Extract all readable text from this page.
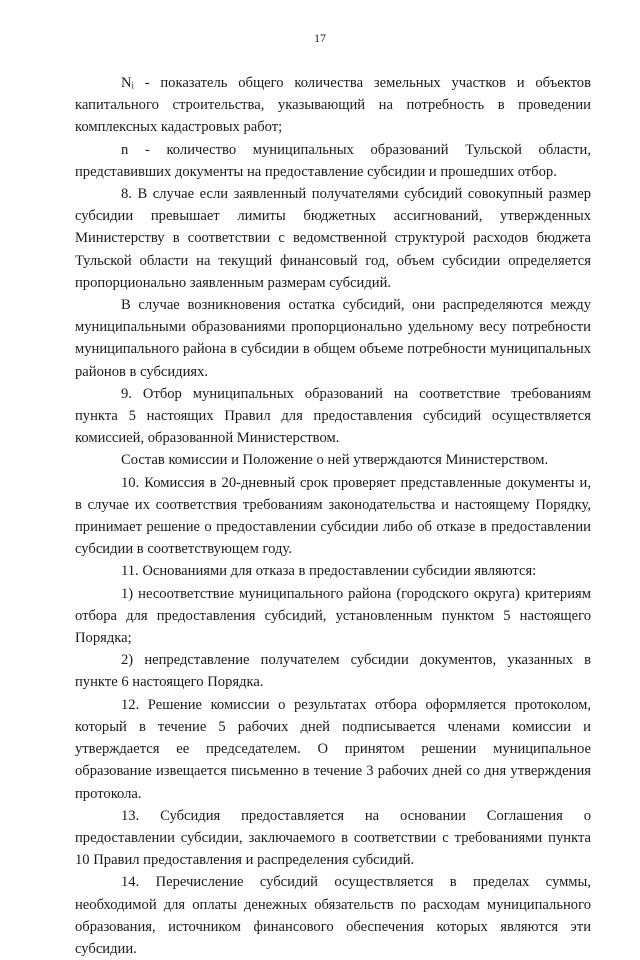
17

Nᵢ - показатель общего количества земельных участков и объектов капитального строительства, указывающий на потребность в проведении комплексных кадастровых работ;

n - количество муниципальных образований Тульской области, представивших документы на предоставление субсидии и прошедших отбор.

8. В случае если заявленный получателями субсидий совокупный размер субсидии превышает лимиты бюджетных ассигнований, утвержденных Министерству в соответствии с ведомственной структурой расходов бюджета Тульской области на текущий финансовый год, объем субсидии определяется пропорционально заявленным размерам субсидий.

В случае возникновения остатка субсидий, они распределяются между муниципальными образованиями пропорционально удельному весу потребности муниципального района в субсидии в общем объеме потребности муниципальных районов в субсидиях.

9. Отбор муниципальных образований на соответствие требованиям пункта 5 настоящих Правил для предоставления субсидий осуществляется комиссией, образованной Министерством.

Состав комиссии и Положение о ней утверждаются Министерством.

10. Комиссия в 20-дневный срок проверяет представленные документы и, в случае их соответствия требованиям законодательства и настоящему Порядку, принимает решение о предоставлении субсидии либо об отказе в предоставлении субсидии в соответствующем году.

11. Основаниями для отказа в предоставлении субсидии являются:

1) несоответствие муниципального района (городского округа) критериям отбора для предоставления субсидий, установленным пунктом 5 настоящего Порядка;

2) непредставление получателем субсидии документов, указанных в пункте 6 настоящего Порядка.

12. Решение комиссии о результатах отбора оформляется протоколом, который в течение 5 рабочих дней подписывается членами комиссии и утверждается ее председателем. О принятом решении муниципальное образование извещается письменно в течение 3 рабочих дней со дня утверждения протокола.

13. Субсидия предоставляется на основании Соглашения о предоставлении субсидии, заключаемого в соответствии с требованиями пункта 10 Правил предоставления и распределения субсидий.

14. Перечисление субсидий осуществляется в пределах суммы, необходимой для оплаты денежных обязательств по расходам муниципального образования, источником финансового обеспечения которых являются эти субсидии.
